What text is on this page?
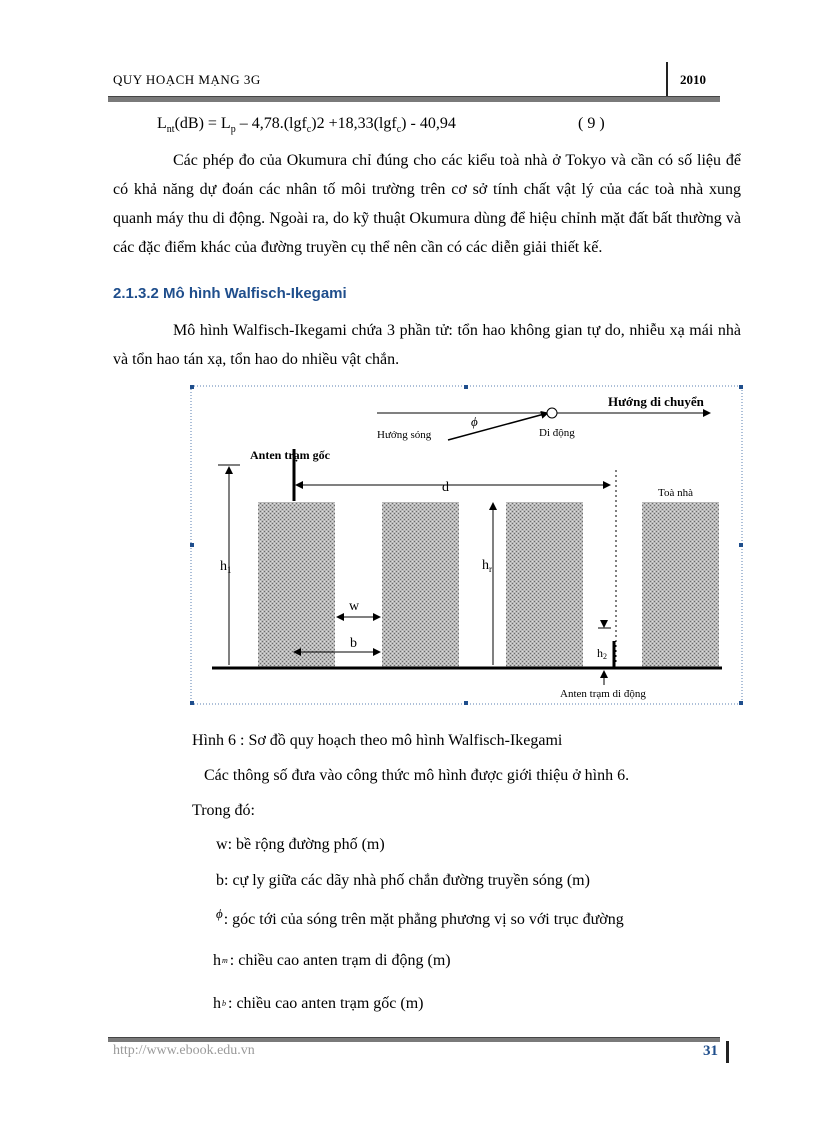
QUY HOẠCH MẠNG 3G	2010
$L_{nt}(dB) = L_p - 4,78.(\lg f_c)2 +18,33(\lg f_c) - 40,94$	( 9 )
Các phép đo của Okumura chỉ đúng cho các kiểu toà nhà ở Tokyo và cần có số liệu để có khả năng dự đoán các nhân tố môi trường trên cơ sở tính chất vật lý của các toà nhà xung quanh máy thu di động. Ngoài ra, do kỹ thuật Okumura dùng để hiệu chỉnh mặt đất bất thường và các đặc điểm khác của đường truyền cụ thể nên cần có các diễn giải thiết kế.
2.1.3.2 Mô hình Walfisch-Ikegami
Mô hình Walfisch-Ikegami chứa 3 phần tử: tổn hao không gian tự do, nhiễu xạ mái nhà và tổn hao tán xạ, tổn hao do nhiều vật chắn.
Hướng di chuyển
Hướng sóng	Di động
ϕ
Anten trạm gốc
$h_1$
d	Toà nhà
$h_r$
w
b
h2
Anten trạm di động
Hình 6 : Sơ đồ quy hoạch theo mô hình Walfisch-Ikegami
Các thông số đưa vào công thức mô hình được giới thiệu ở hình 6.
Trong đó:
w: bề rộng đường phố (m)
b: cự ly giữa các dãy nhà phố chắn đường truyền sóng (m)
$^\phi$: góc tới của sóng trên mặt phẳng phương vị so với trục đường
hm : chiều cao anten trạm di động (m)
hb : chiều cao anten trạm gốc (m)
http://www.ebook.edu.vn	31
